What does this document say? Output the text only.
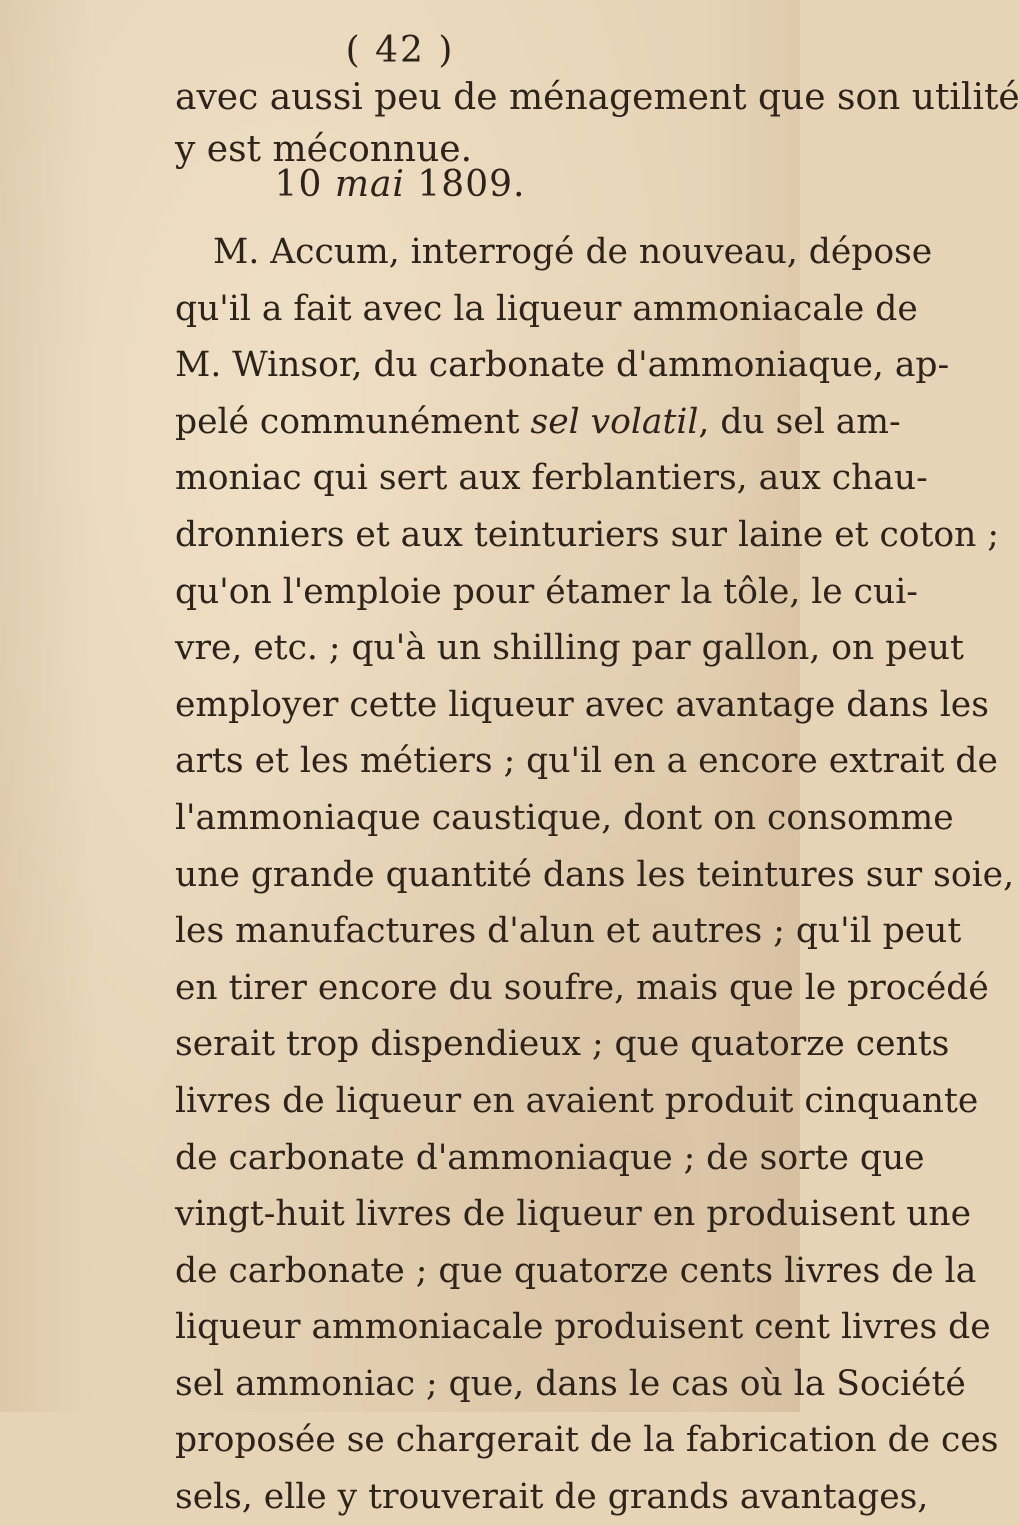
( 42 )
avec aussi peu de ménagement que son utilité
y est méconnue.
10 mai 1809.
M. Accum, interrogé de nouveau, dépose
qu'il a fait avec la liqueur ammoniacale de
M. Winsor, du carbonate d'ammoniaque, ap-
pelé communément sel volatil, du sel am-
moniac qui sert aux ferblantiers, aux chau-
dronniers et aux teinturiers sur laine et coton ;
qu'on l'emploie pour étamer la tôle, le cui-
vre, etc. ; qu'à un shilling par gallon, on peut
employer cette liqueur avec avantage dans les
arts et les métiers ; qu'il en a encore extrait de
l'ammoniaque caustique, dont on consomme
une grande quantité dans les teintures sur soie,
les manufactures d'alun et autres ; qu'il peut
en tirer encore du soufre, mais que le procédé
serait trop dispendieux ; que quatorze cents
livres de liqueur en avaient produit cinquante
de carbonate d'ammoniaque ; de sorte que
vingt-huit livres de liqueur en produisent une
de carbonate ; que quatorze cents livres de la
liqueur ammoniacale produisent cent livres de
sel ammoniac ; que, dans le cas où la Société
proposée se chargerait de la fabrication de ces
sels, elle y trouverait de grands avantages,
